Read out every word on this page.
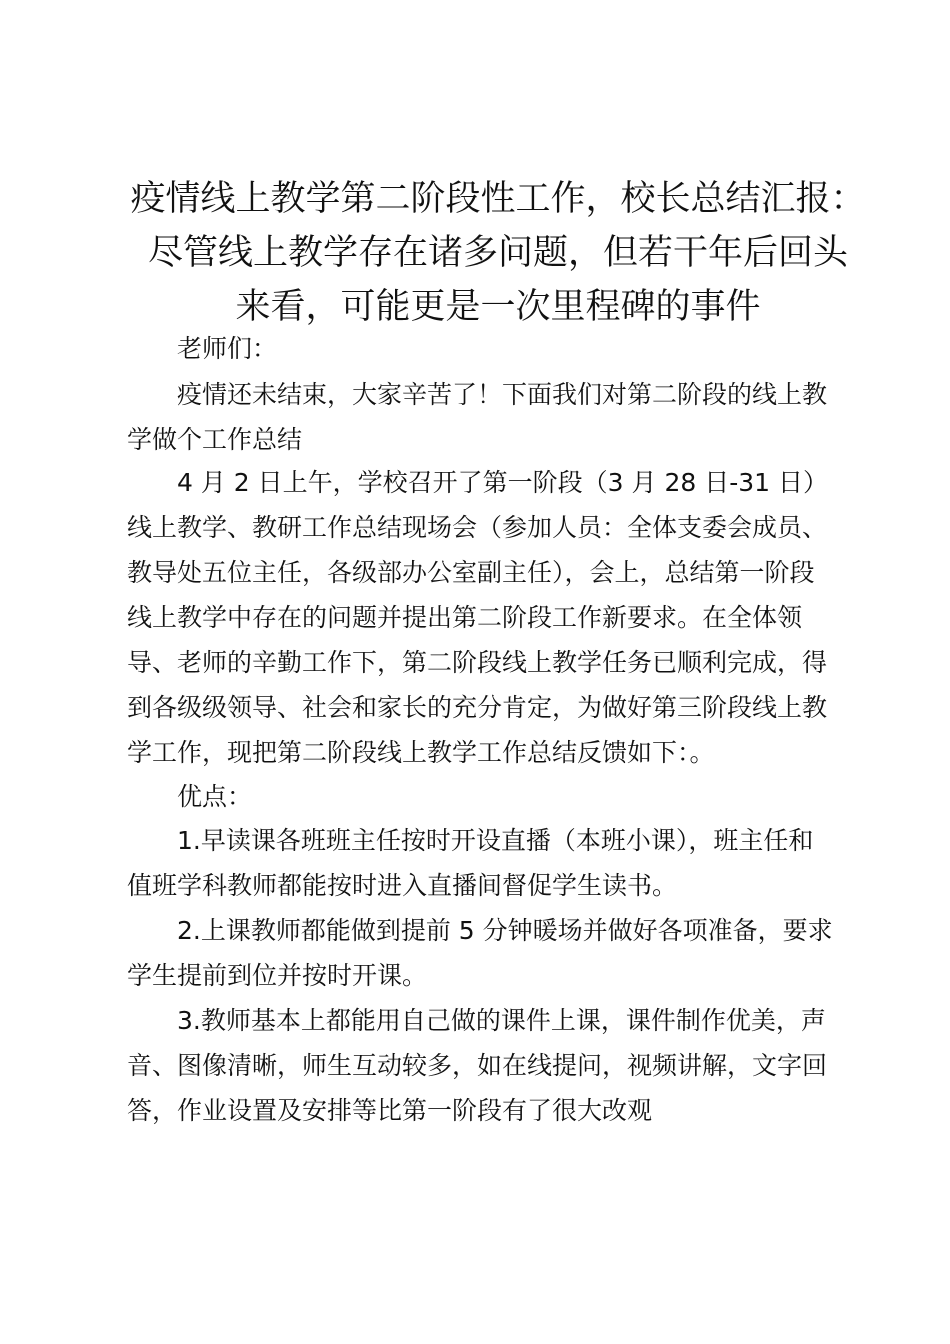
疫情线上教学第二阶段性工作，校长总结汇报：
尽管线上教学存在诸多问题，但若干年后回头
来看，可能更是一次里程碑的事件

老师们：

疫情还未结束，大家辛苦了！下面我们对第二阶段的线上教学做个工作总结

4 月 2 日上午，学校召开了第一阶段（3 月 28 日-31 日）线上教学、教研工作总结现场会（参加人员：全体支委会成员、教导处五位主任，各级部办公室副主任），会上，总结第一阶段线上教学中存在的问题并提出第二阶段工作新要求。在全体领导、老师的辛勤工作下，第二阶段线上教学任务已顺利完成，得到各级级领导、社会和家长的充分肯定，为做好第三阶段线上教学工作，现把第二阶段线上教学工作总结反馈如下：。

优点：

1.早读课各班班主任按时开设直播（本班小课），班主任和值班学科教师都能按时进入直播间督促学生读书。

2.上课教师都能做到提前 5 分钟暖场并做好各项准备，要求学生提前到位并按时开课。

3.教师基本上都能用自己做的课件上课，课件制作优美，声音、图像清晰，师生互动较多，如在线提问，视频讲解，文字回答，作业设置及安排等比第一阶段有了很大改观
